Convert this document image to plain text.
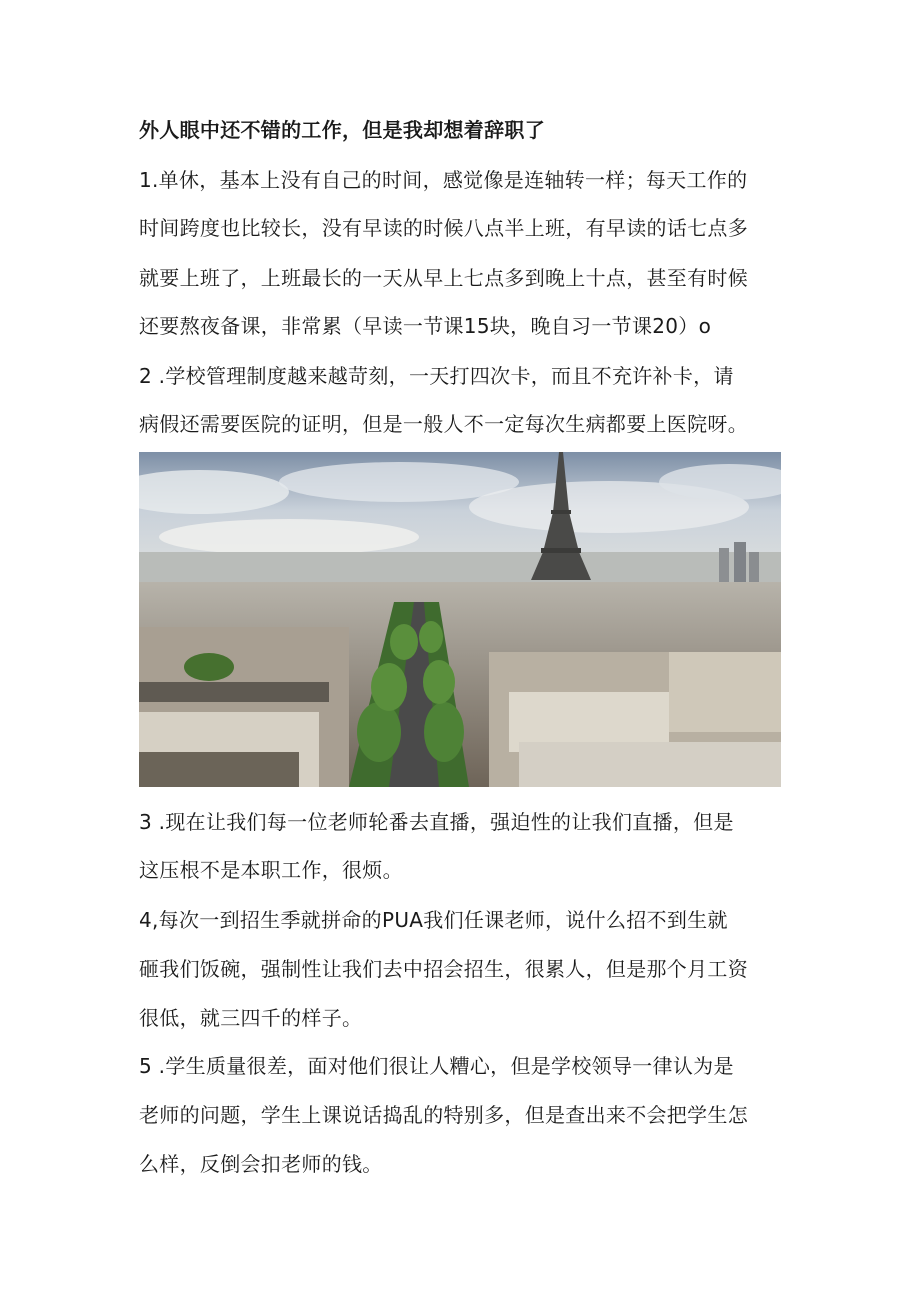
外人眼中还不错的工作，但是我却想着辞职了
1.单休，基本上没有自己的时间，感觉像是连轴转一样；每天工作的
时间跨度也比较长，没有早读的时候八点半上班，有早读的话七点多
就要上班了，上班最长的一天从早上七点多到晚上十点，甚至有时候
还要熬夜备课，非常累（早读一节课15块，晚自习一节课20）o
2 .学校管理制度越来越苛刻，一天打四次卡，而且不充许补卡，请
病假还需要医院的证明，但是一般人不一定每次生病都要上医院呀。
3 .现在让我们每一位老师轮番去直播，强迫性的让我们直播，但是
这压根不是本职工作，很烦。
4,每次一到招生季就拼命的PUA我们任课老师，说什么招不到生就
砸我们饭碗，强制性让我们去中招会招生，很累人，但是那个月工资
很低，就三四千的样子。
5 .学生质量很差，面对他们很让人糟心，但是学校领导一律认为是
老师的问题，学生上课说话捣乱的特别多，但是查出来不会把学生怎
么样，反倒会扣老师的钱。
